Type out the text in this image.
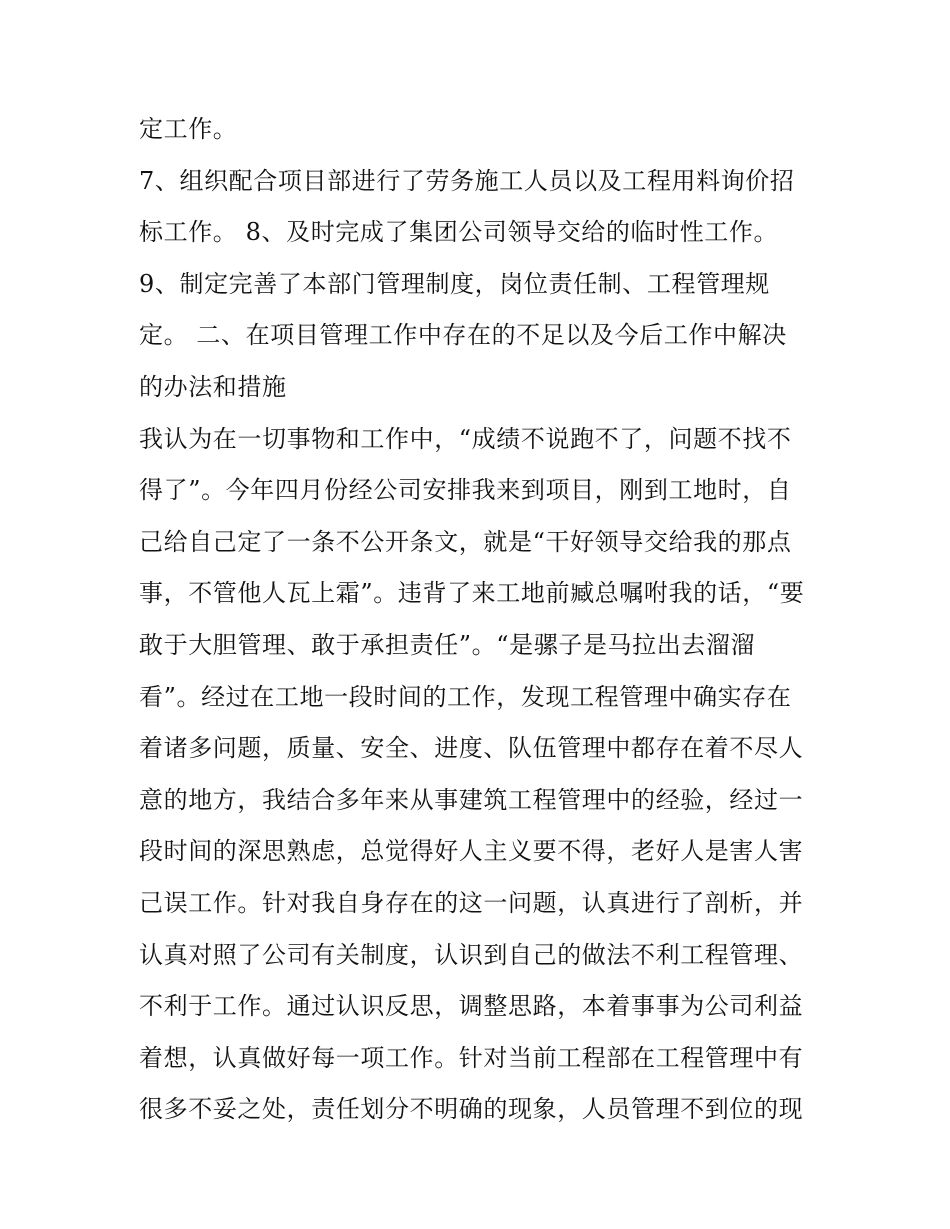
定工作。
7、组织配合项目部进行了劳务施工人员以及工程用料询价招
标工作。 8、及时完成了集团公司领导交给的临时性工作。
9、制定完善了本部门管理制度，岗位责任制、工程管理规
定。 二、在项目管理工作中存在的不足以及今后工作中解决
的办法和措施
我认为在一切事物和工作中，“成绩不说跑不了，问题不找不
得了”。今年四月份经公司安排我来到项目，刚到工地时，自
己给自己定了一条不公开条文，就是“干好领导交给我的那点
事，不管他人瓦上霜”。违背了来工地前臧总嘱咐我的话，“要
敢于大胆管理、敢于承担责任”。“是骡子是马拉出去溜溜
看”。经过在工地一段时间的工作，发现工程管理中确实存在
着诸多问题，质量、安全、进度、队伍管理中都存在着不尽人
意的地方，我结合多年来从事建筑工程管理中的经验，经过一
段时间的深思熟虑，总觉得好人主义要不得，老好人是害人害
己误工作。针对我自身存在的这一问题，认真进行了剖析，并
认真对照了公司有关制度，认识到自己的做法不利工程管理、
不利于工作。通过认识反思，调整思路，本着事事为公司利益
着想，认真做好每一项工作。针对当前工程部在工程管理中有
很多不妥之处，责任划分不明确的现象，人员管理不到位的现
